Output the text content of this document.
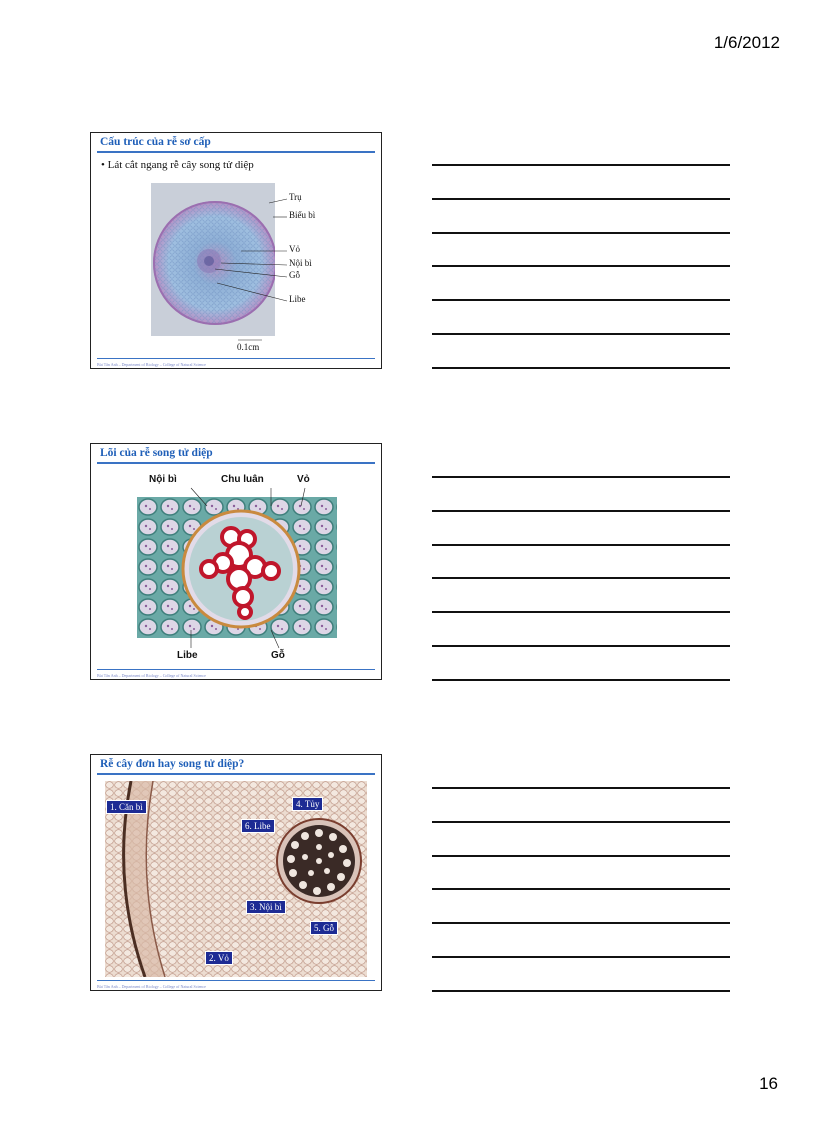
1/6/2012
Cấu trúc của rễ sơ cấp
• Lát cắt ngang rễ cây song tử diệp
Trụ
Biểu bì
Vỏ
Nội bì
Gỗ
Libe
0.1cm
Bùi Tấn Anh – Department of Biology – College of Natural Science
Lõi của rễ song tử diệp
Nội bì	Chu luân	Vỏ
Libe	Gỗ
Bùi Tấn Anh – Department of Biology – College of Natural Science
Rễ cây đơn hay song tử diệp?
1. Căn bì	4. Tủy
6. Libe
3. Nội bì
5. Gỗ
2. Vỏ
Bùi Tấn Anh – Department of Biology – College of Natural Science
16
